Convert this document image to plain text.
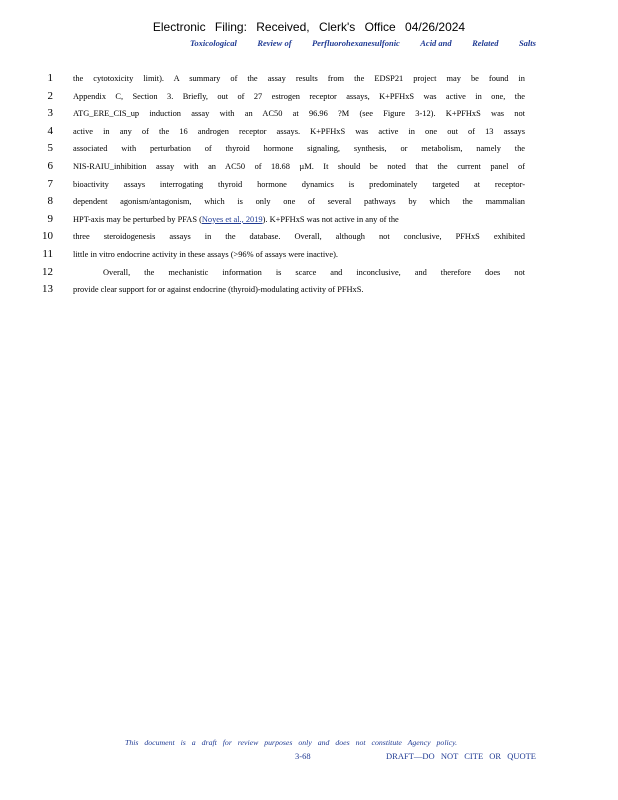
Electronic Filing: Received, Clerk's Office 04/26/2024
Toxicological Review of Perfluorohexanesulfonic Acid and Related Salts
1 the cytotoxicity limit). A summary of the assay results from the EDSP21 project may be found in
2 Appendix C, Section 3. Briefly, out of 27 estrogen receptor assays, K+PFHxS was active in one, the
3 ATG_ERE_CIS_up induction assay with an AC50 at 96.96 ?M (see Figure 3-12). K+PFHxS was not
4 active in any of the 16 androgen receptor assays. K+PFHxS was active in one out of 13 assays
5 associated with perturbation of thyroid hormone signaling, synthesis, or metabolism, namely the
6 NIS-RAIU_inhibition assay with an AC50 of 18.68 µM. It should be noted that the current panel of
7 bioactivity assays interrogating thyroid hormone dynamics is predominately targeted at receptor-
8 dependent agonism/antagonism, which is only one of several pathways by which the mammalian
9 HPT-axis may be perturbed by PFAS ( Noyes et al., 2019 ). K+PFHxS was not active in any of the
10 three steroidogenesis assays in the database. Overall, although not conclusive, PFHxS exhibited
11 little in vitro endocrine activity in these assays (>96% of assays were inactive).
12	Overall, the mechanistic information is scarce and inconclusive, and therefore does not
13 provide clear support for or against endocrine (thyroid)-modulating activity of PFHxS.
This document is a draft for review purposes only and does not constitute Agency policy.
3-68	DRAFT—DO NOT CITE OR QUOTE
